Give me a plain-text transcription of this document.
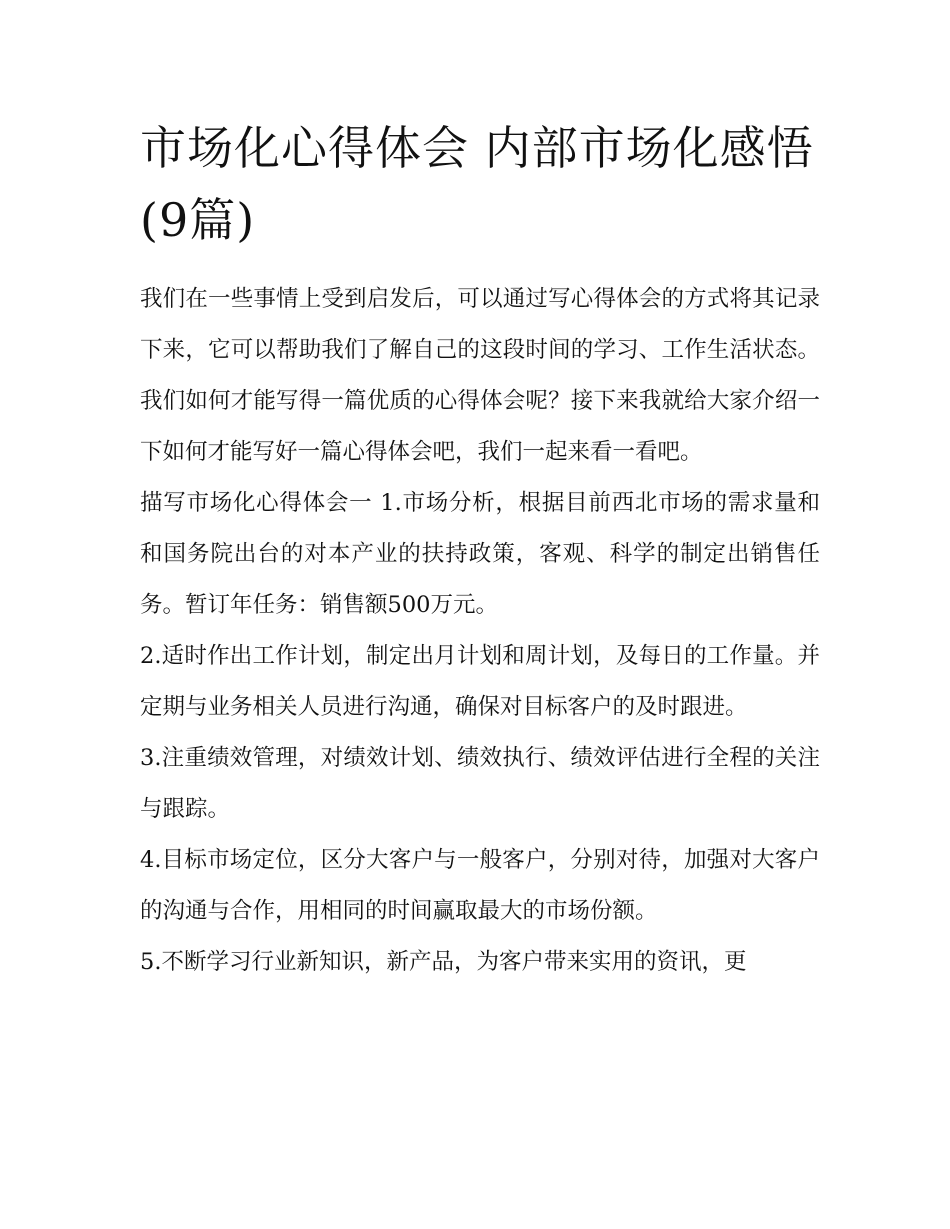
市场化心得体会 内部市场化感悟(9篇)

我们在一些事情上受到启发后，可以通过写心得体会的方式将其记录下来，它可以帮助我们了解自己的这段时间的学习、工作生活状态。我们如何才能写得一篇优质的心得体会呢？接下来我就给大家介绍一下如何才能写好一篇心得体会吧，我们一起来看一看吧。

描写市场化心得体会一 1.市场分析，根据目前西北市场的需求量和和国务院出台的对本产业的扶持政策，客观、科学的制定出销售任务。暂订年任务：销售额500万元。

2.适时作出工作计划，制定出月计划和周计划，及每日的工作量。并定期与业务相关人员进行沟通，确保对目标客户的及时跟进。

3.注重绩效管理，对绩效计划、绩效执行、绩效评估进行全程的关注与跟踪。

4.目标市场定位，区分大客户与一般客户，分别对待，加强对大客户的沟通与合作，用相同的时间赢取最大的市场份额。

5.不断学习行业新知识，新产品，为客户带来实用的资讯，更
